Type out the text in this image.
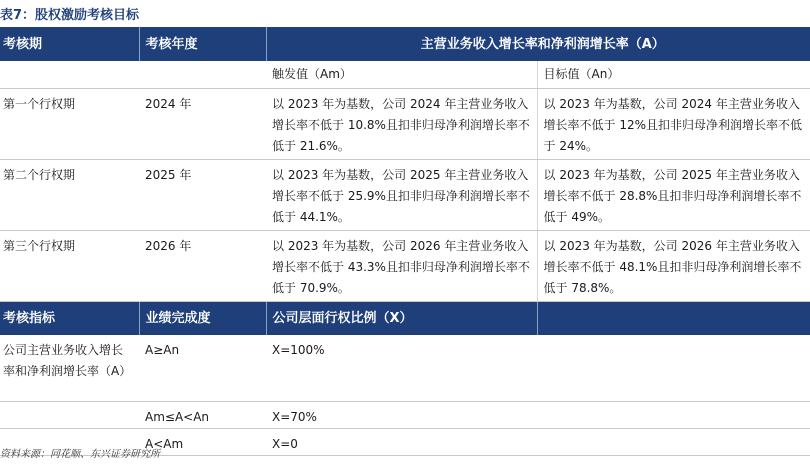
表7：股权激励考核目标
考核期	考核年度	主营业务收入增长率和净利润增长率（A）	
		触发值（Am）	目标值（An）
第一个行权期	2024 年	以 2023 年为基数，公司 2024 年主营业务收入增长率不低于 10.8%且扣非归母净利润增长率不低于 21.6%。	以 2023 年为基数，公司 2024 年主营业务收入增长率不低于 12%且扣非归母净利润增长率不低于 24%。
第二个行权期	2025 年	以 2023 年为基数，公司 2025 年主营业务收入增长率不低于 25.9%且扣非归母净利润增长率不低于 44.1%。	以 2023 年为基数，公司 2025 年主营业务收入增长率不低于 28.8%且扣非归母净利润增长率不低于 49%。
第三个行权期	2026 年	以 2023 年为基数，公司 2026 年主营业务收入增长率不低于 43.3%且扣非归母净利润增长率不低于 70.9%。	以 2023 年为基数，公司 2026 年主营业务收入增长率不低于 48.1%且扣非归母净利润增长率不低于 78.8%。
考核指标	业绩完成度	公司层面行权比例（X）	
公司主营业务收入增长率和净利润增长率（A）	A≥An	X=100%	
	Am≤A<An	X=70%	
	A<Am	X=0	
资料来源：同花顺、东兴证券研究所
